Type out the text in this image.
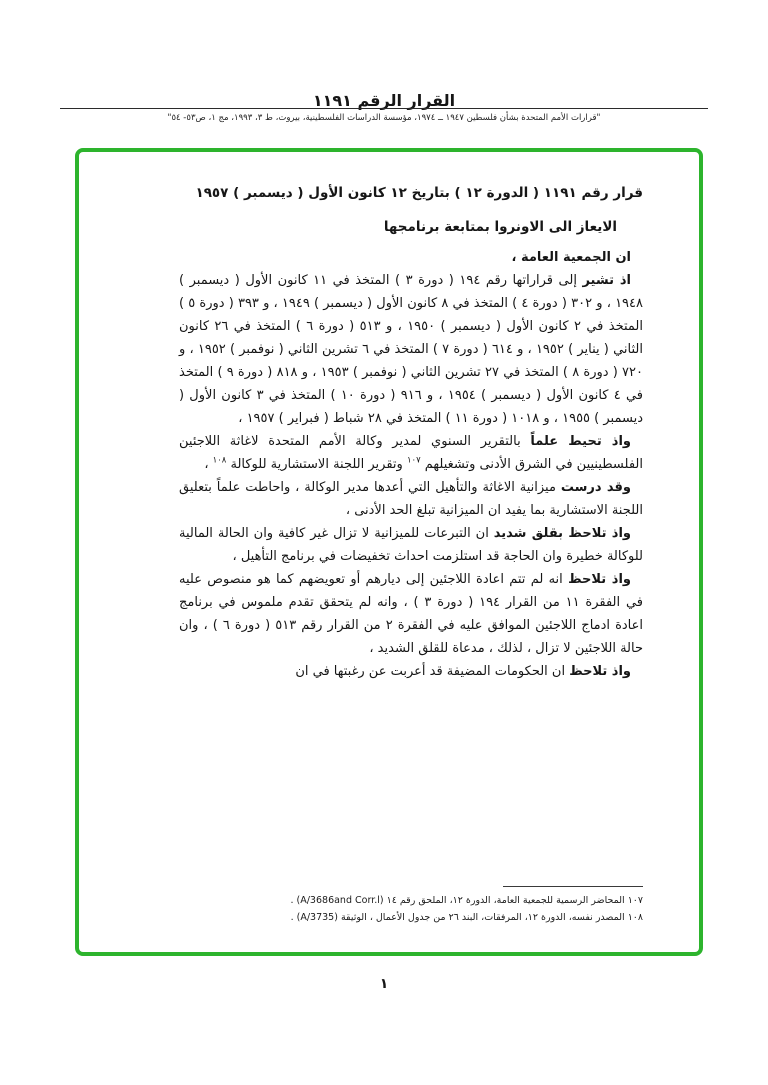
القرار الرقم ١١٩١
"قرارات الأمم المتحدة بشأن فلسطين ١٩٤٧ ــ ١٩٧٤، مؤسسة الدراسات الفلسطينية، بيروت، ط ٣، ١٩٩٣، مج ١، ص٥٣- ٥٤"
قرار رقم ١١٩١ ( الدورة ١٢ ) بتاريخ ١٢ كانون الأول ( ديسمبر ) ١٩٥٧
الايعاز الى الاونروا بمتابعة برنامجها

ان الجمعية العامة ،

اذ تشير إلى قراراتها رقم ١٩٤ ( دورة ٣ ) المتخذ في ١١ كانون الأول ( ديسمبر ) ١٩٤٨ ، و ٣٠٢ ( دورة ٤ ) المتخذ في ٨ كانون الأول ( ديسمبر ) ١٩٤٩ ، و ٣٩٣ ( دورة ٥ ) المتخذ في ٢ كانون الأول ( ديسمبر ) ١٩٥٠ ، و ٥١٣ ( دورة ٦ ) المتخذ في ٢٦ كانون الثاني ( يناير ) ١٩٥٢ ، و ٦١٤ ( دورة ٧ ) المتخذ في ٦ تشرين الثاني ( نوفمبر ) ١٩٥٢ ، و ٧٢٠ ( دورة ٨ ) المتخذ في ٢٧ تشرين الثاني ( نوفمبر ) ١٩٥٣ ، و ٨١٨ ( دورة ٩ ) المتخذ في ٤ كانون الأول ( ديسمبر ) ١٩٥٤ ، و ٩١٦ ( دورة ١٠ ) المتخذ في ٣ كانون الأول ( ديسمبر ) ١٩٥٥ ، و ١٠١٨ ( دورة ١١ ) المتخذ في ٢٨ شباط ( فبراير ) ١٩٥٧ ،

واذ تحيط علماً بالتقرير السنوي لمدير وكالة الأمم المتحدة لاغاثة اللاجئين الفلسطينيين في الشرق الأدنى وتشغيلهم $^{١٠٧}$ وتقرير اللجنة الاستشارية للوكالة $^{١٠٨}$ ،

وقد درست ميزانية الاغاثة والتأهيل التي أعدها مدير الوكالة ، واحاطت علماً بتعليق اللجنة الاستشارية بما يفيد ان الميزانية تبلغ الحد الأدنى ،

واذ تلاحظ بقلق شديد ان التبرعات للميزانية لا تزال غير كافية وان الحالة المالية للوكالة خطيرة وان الحاجة قد استلزمت احداث تخفيضات في برنامج التأهيل ،

واذ تلاحظ انه لم تتم اعادة اللاجئين إلى ديارهم أو تعويضهم كما هو منصوص عليه في الفقرة ١١ من القرار ١٩٤ ( دورة ٣ ) ، وانه لم يتحقق تقدم ملموس في برنامج اعادة ادماج اللاجئين الموافق عليه في الفقرة ٢ من القرار رقم ٥١٣ ( دورة ٦ ) ، وان حالة اللاجئين لا تزال ، لذلك ، مدعاة للقلق الشديد ،

واذ تلاحظ ان الحكومات المضيفة قد أعربت عن رغبتها في ان

١٠٧ المحاضر الرسمية للجمعية العامة، الدورة ١٢، الملحق رقم ١٤ (A/3686and Corr.l) .
١٠٨ المصدر نفسه، الدورة ١٢، المرفقات، البند ٢٦ من جدول الأعمال ، الوثيقة (A/3735) .
١
